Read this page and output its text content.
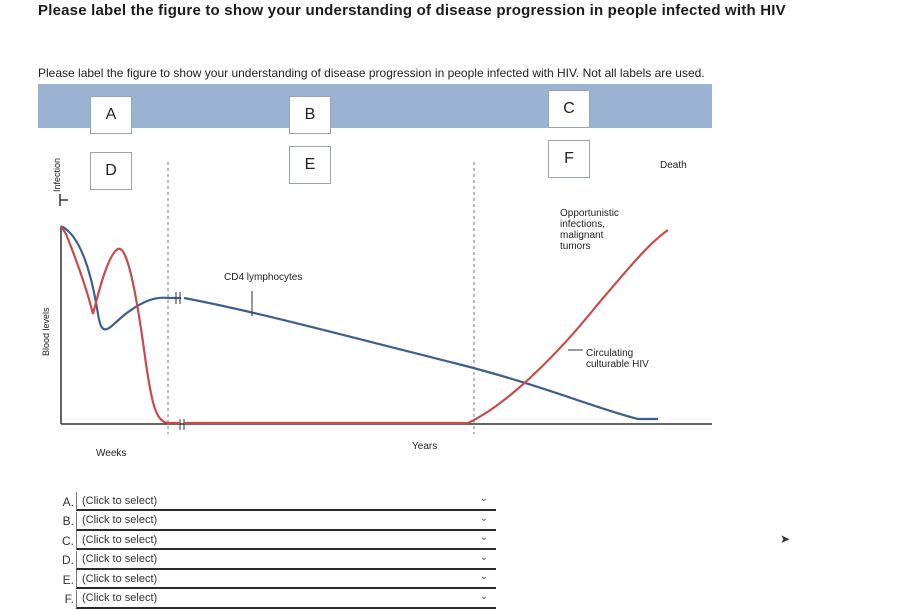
Please label the figure to show your understanding of disease progression in people infected with HIV
Please label the figure to show your understanding of disease progression in people infected with HIV. Not all labels are used.
A	B	C
D	E	F
Infection
Blood levels
Death
Opportunistic
infections,
malignant
tumors
CD4 lymphocytes
Circulating
culturable HIV
Weeks
Years
A. (Click to select)	⌄
B. (Click to select)	⌄
C. (Click to select)	⌄
D. (Click to select)	⌄
E. (Click to select)	⌄
F. (Click to select)	⌄
➤
